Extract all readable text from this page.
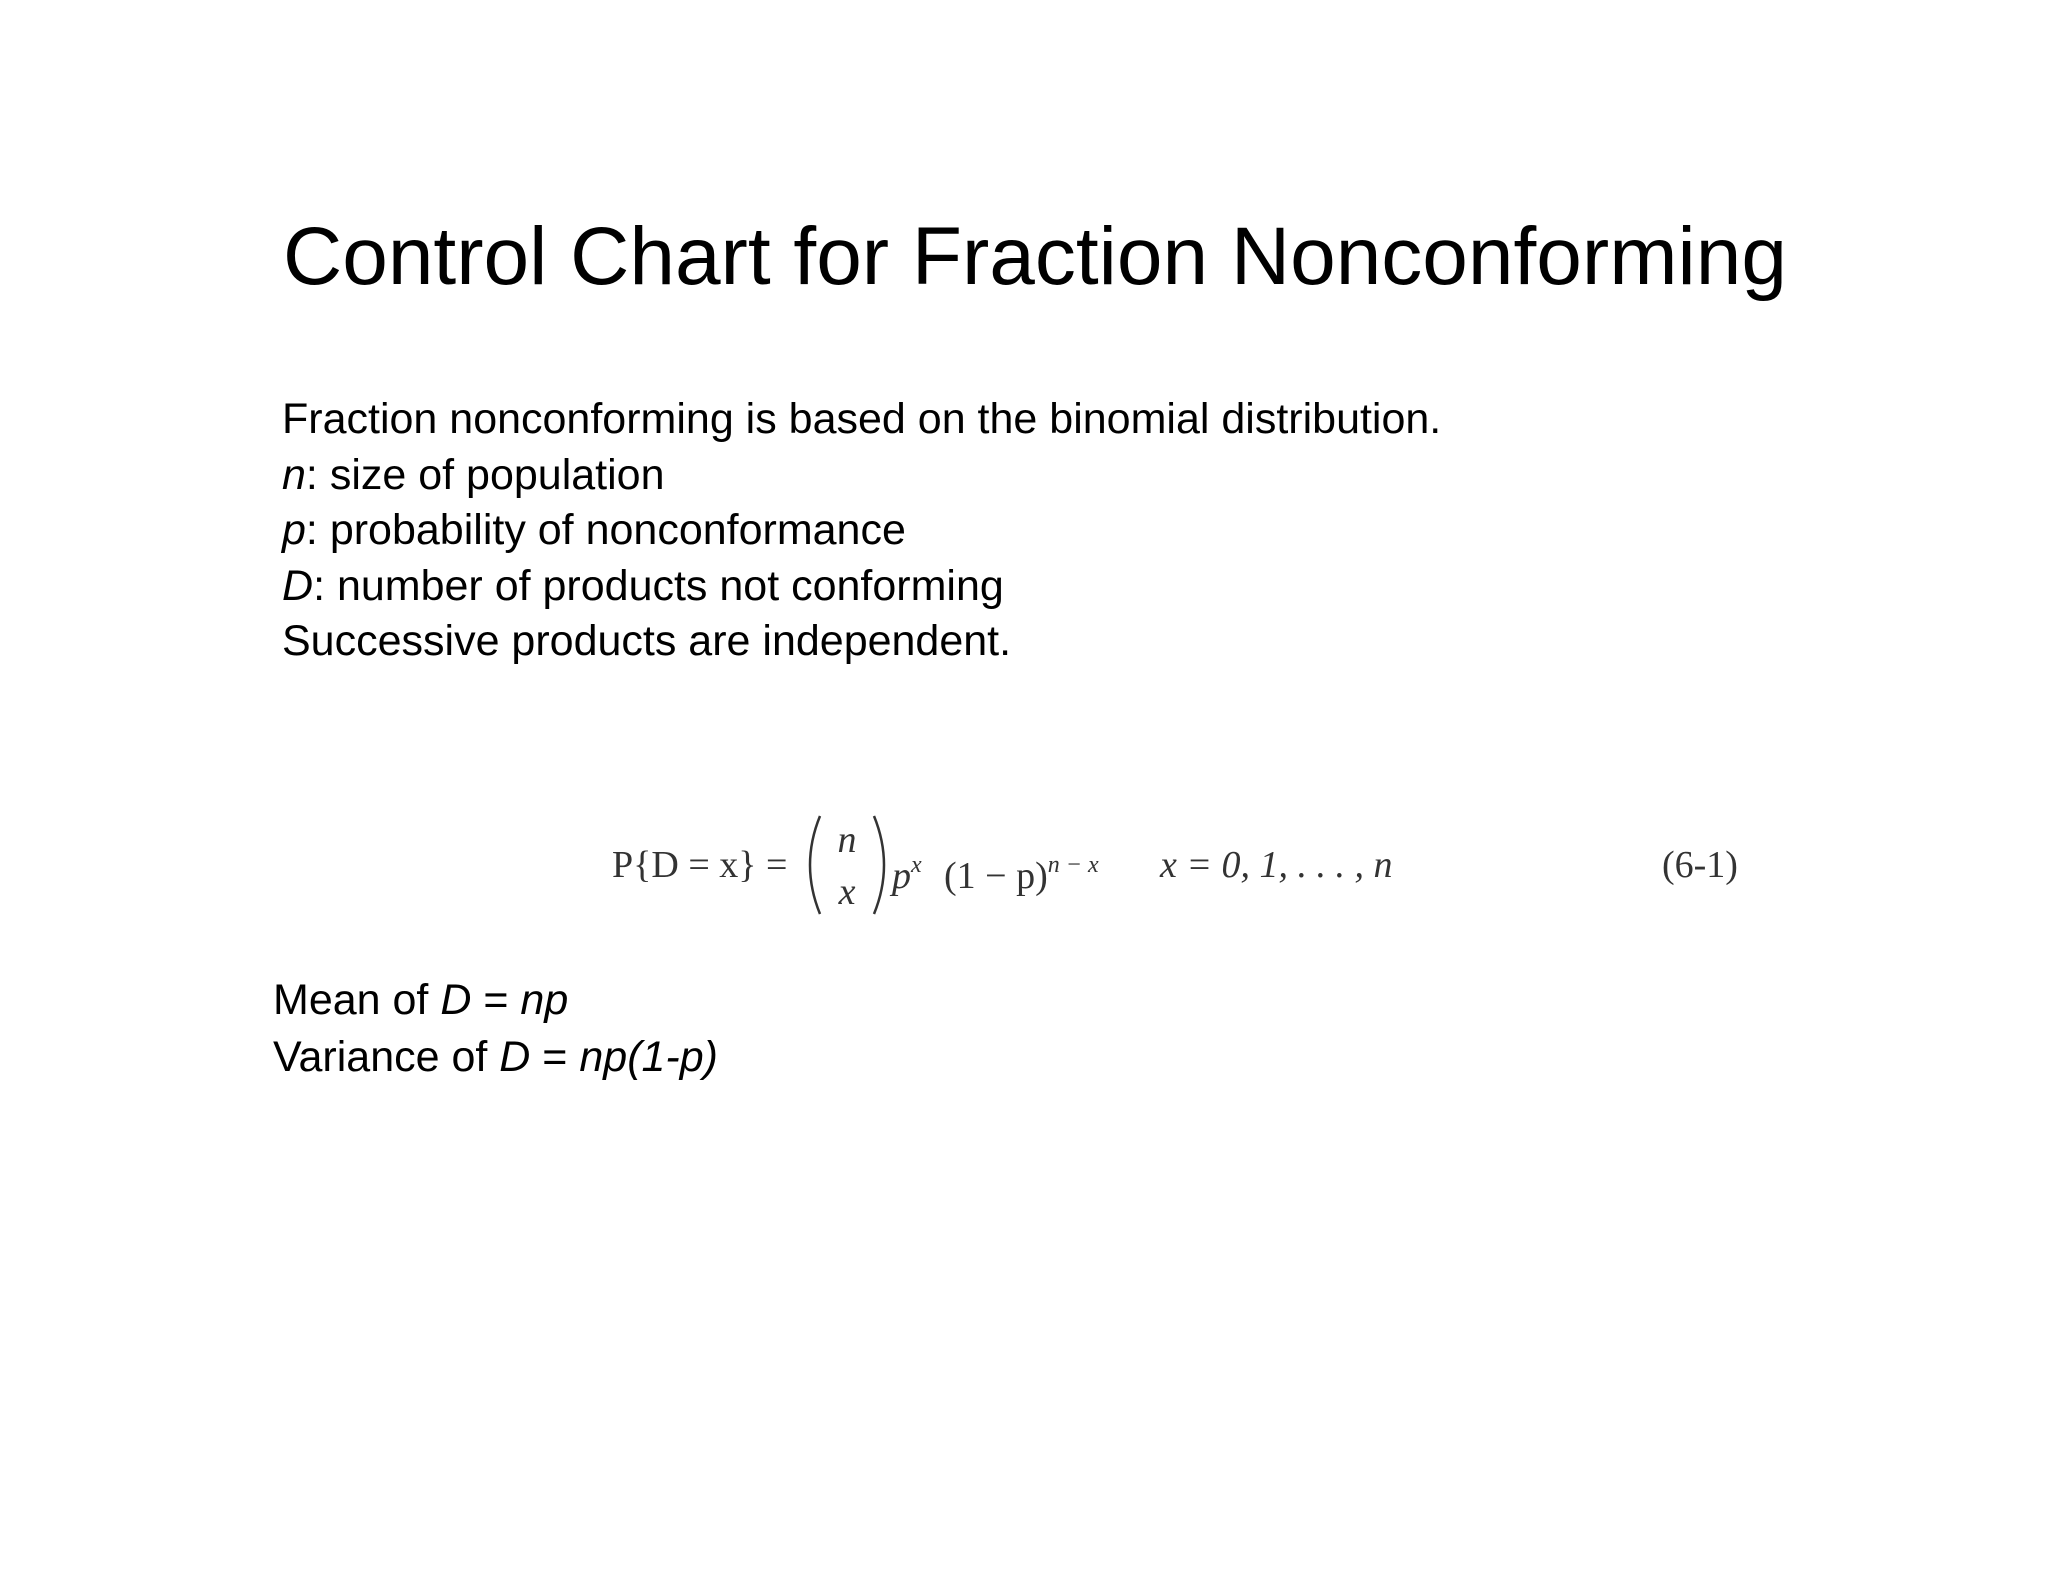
Control Chart for Fraction Nonconforming
Fraction nonconforming is based on the binomial distribution.
n: size of population
p: probability of nonconformance
D: number of products not conforming
Successive products are independent.
P{D = x} =
n
x $p^x$ $(1 - p)^{n - x}$ x = 0, 1, . . . , n	(6-1)
Mean of D = np
Variance of D = np(1-p)
